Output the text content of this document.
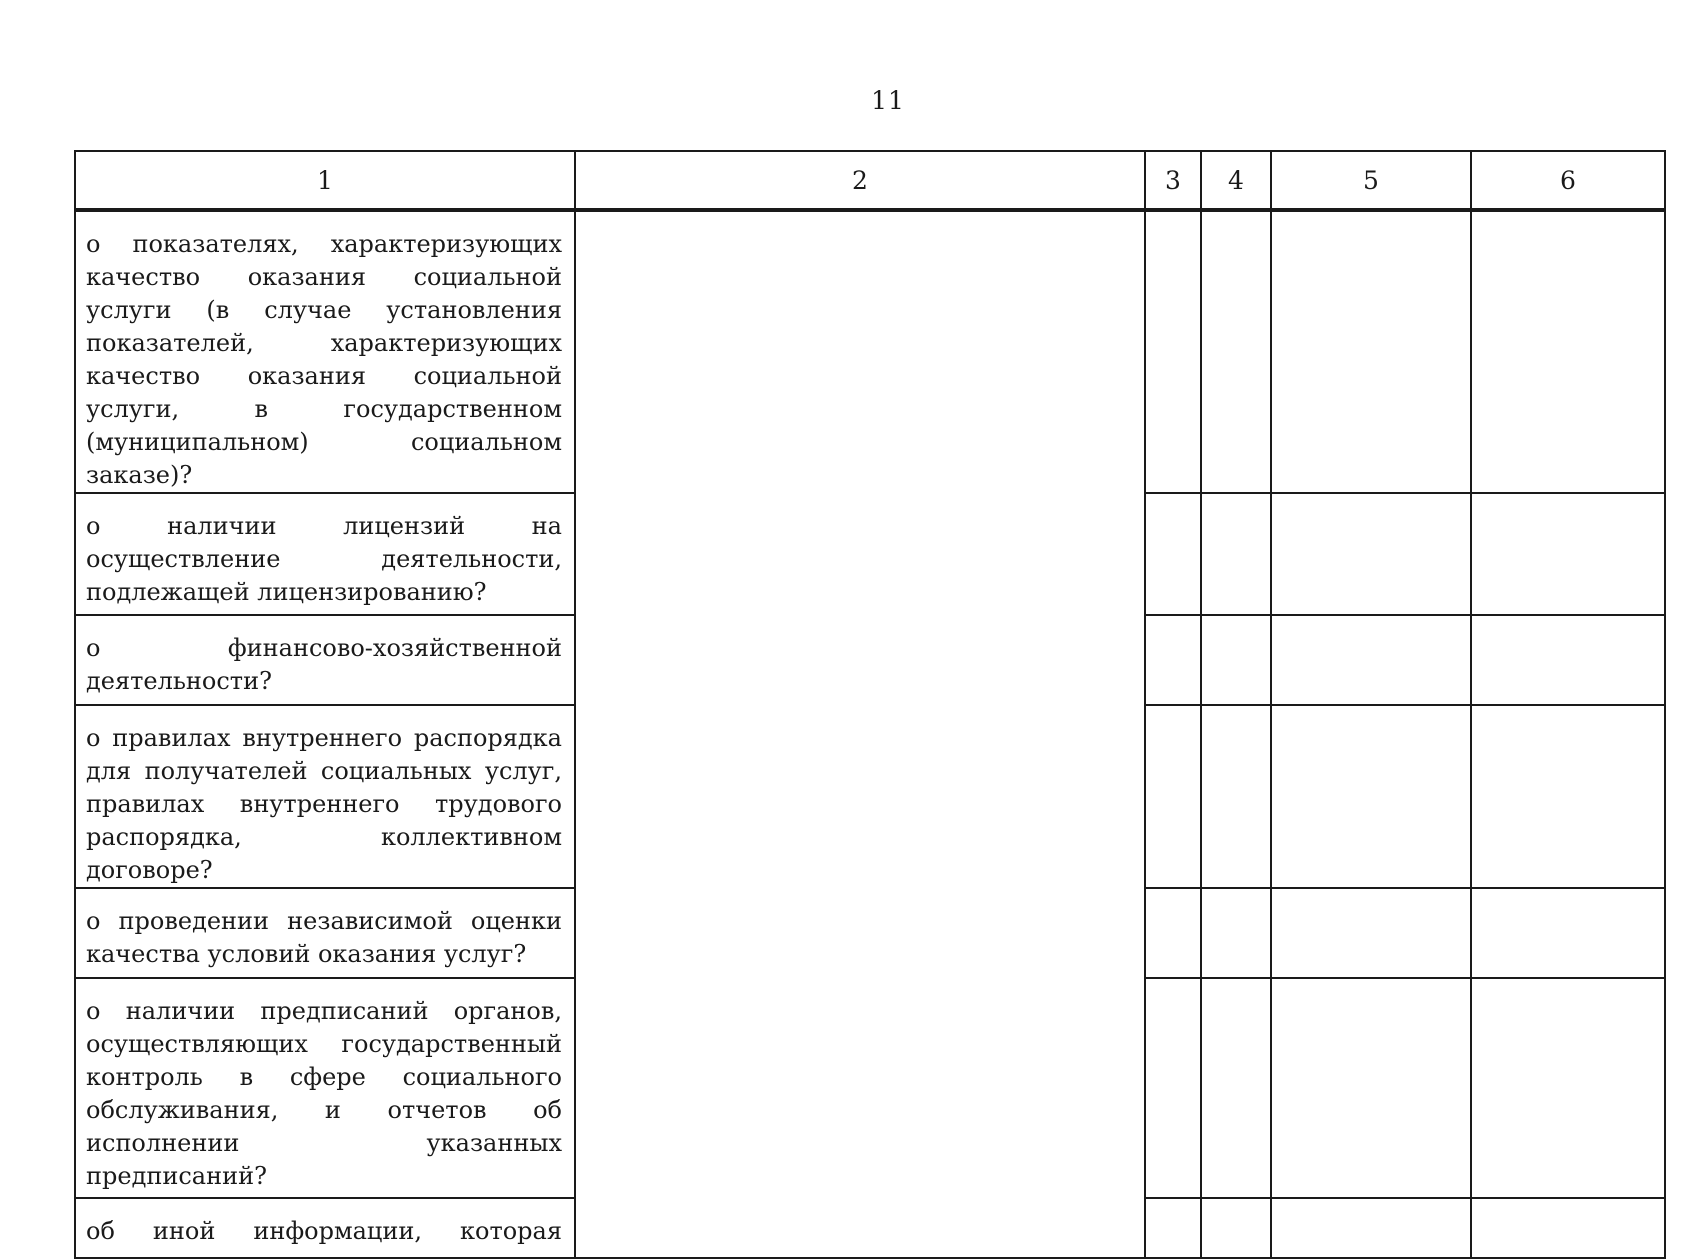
11
1	2	3	4	5	6

о показателях, характеризующих качество оказания социальной услуги (в случае установления показателей, характеризующих качество оказания социальной услуги, в государственном (муниципальном) социальном заказе)?					

о наличии лицензий на осуществление деятельности, подлежащей лицензированию?					

о финансово-хозяйственной деятельности?					

о правилах внутреннего распорядка для получателей социальных услуг, правилах внутреннего трудового распорядка, коллективном договоре?					

о проведении независимой оценки качества условий оказания услуг?					

о наличии предписаний органов, осуществляющих государственный контроль в сфере социального обслуживания, и отчетов об исполнении указанных предписаний?					

об иной информации, которая					
